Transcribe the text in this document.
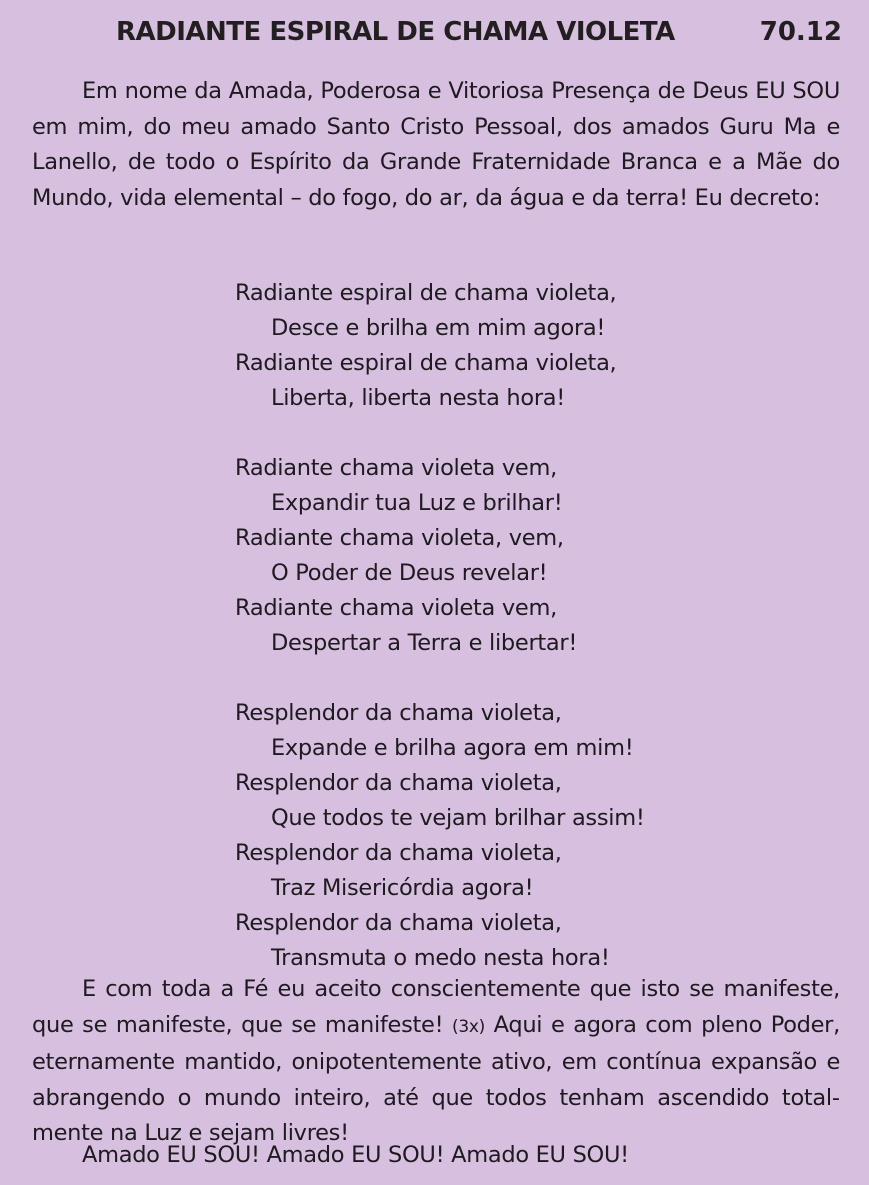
RADIANTE ESPIRAL DE CHAMA VIOLETA	70.12

Em nome da Amada, Poderosa e Vitoriosa Presença de Deus EU SOU em mim, do meu amado Santo Cristo Pessoal, dos amados Guru Ma e Lanello, de todo o Espírito da Grande Fraternidade Branca e a Mãe do Mundo, vida elemental – do fogo, do ar, da água e da terra! Eu decreto:

Radiante espiral de chama violeta,
Desce e brilha em mim agora!
Radiante espiral de chama violeta,
Liberta, liberta nesta hora!
Radiante chama violeta vem,
Expandir tua Luz e brilhar!
Radiante chama violeta, vem,
O Poder de Deus revelar!
Radiante chama violeta vem,
Despertar a Terra e libertar!
Resplendor da chama violeta,
Expande e brilha agora em mim!
Resplendor da chama violeta,
Que todos te vejam brilhar assim!
Resplendor da chama violeta,
Traz Misericórdia agora!
Resplendor da chama violeta,
Transmuta o medo nesta hora!

E com toda a Fé eu aceito conscientemente que isto se manifeste, que se manifeste, que se manifeste! (3x) Aqui e agora com pleno Poder, eternamente mantido, onipotentemente ativo, em contínua expansão e abrangendo o mundo inteiro, até que todos tenham ascendido totalmente na Luz e sejam livres!

Amado EU SOU! Amado EU SOU! Amado EU SOU!
